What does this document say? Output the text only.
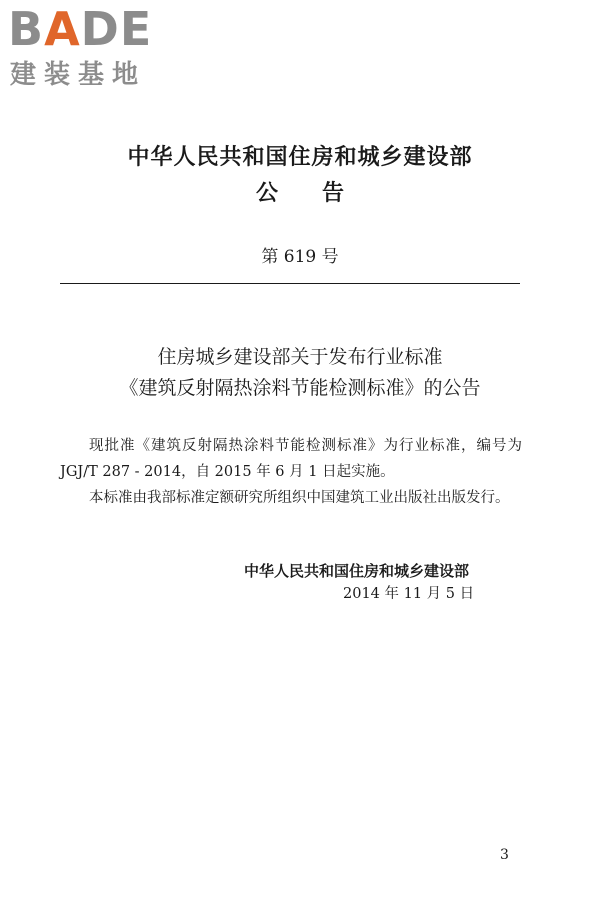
BADE
建装基地
中华人民共和国住房和城乡建设部
公告
第 619 号
住房城乡建设部关于发布行业标准
《建筑反射隔热涂料节能检测标准》的公告

现批准《建筑反射隔热涂料节能检测标准》为行业标准，编号为 JGJ/T 287 - 2014，自 2015 年 6 月 1 日起实施。

本标准由我部标准定额研究所组织中国建筑工业出版社出版发行。

中华人民共和国住房和城乡建设部
2014 年 11 月 5 日
3
